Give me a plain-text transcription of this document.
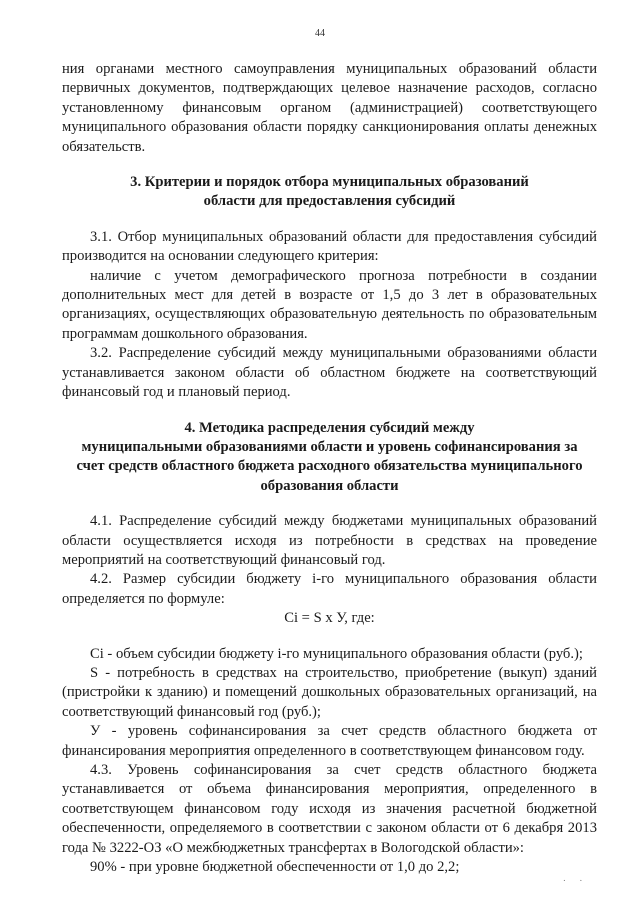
44

ния органами местного самоуправления муниципальных образований области первичных документов, подтверждающих целевое назначение расходов, согласно установленному финансовым органом (администрацией) соответствующего муниципального образования области порядку санкционирования оплаты денежных обязательств.

3. Критерии и порядок отбора муниципальных образований

области для предоставления субсидий

3.1. Отбор муниципальных образований области для предоставления субсидий производится на основании следующего критерия:

наличие с учетом демографического прогноза потребности в создании дополнительных мест для детей в возрасте от 1,5 до 3 лет в образовательных организациях, осуществляющих образовательную деятельность по образовательным программам дошкольного образования.

3.2. Распределение субсидий между муниципальными образованиями области устанавливается законом области об областном бюджете на соответствующий финансовый год и плановый период.

4. Методика распределения субсидий между

муниципальными образованиями области и уровень софинансирования за

счет средств областного бюджета расходного обязательства муниципального

образования области

4.1. Распределение субсидий между бюджетами муниципальных образований области осуществляется исходя из потребности в средствах на проведение мероприятий на соответствующий финансовый год.

4.2. Размер субсидии бюджету i-го муниципального образования области определяется по формуле:

Ci = S x У, где:

Ci - объем субсидии бюджету i-го муниципального образования области (руб.);

S - потребность в средствах на строительство, приобретение (выкуп) зданий (пристройки к зданию) и помещений дошкольных образовательных организаций, на соответствующий финансовый год (руб.);

У - уровень софинансирования за счет средств областного бюджета от финансирования мероприятия определенного в соответствующем финансовом году.

4.3. Уровень софинансирования за счет средств областного бюджета устанавливается от объема финансирования мероприятия, определенного в соответствующем финансовом году исходя из значения расчетной бюджетной обеспеченности, определяемого в соответствии с законом области от 6 декабря 2013 года № 3222-ОЗ «О межбюджетных трансфертах в Вологодской области»:

90% - при уровне бюджетной обеспеченности от 1,0 до 2,2;

. .
